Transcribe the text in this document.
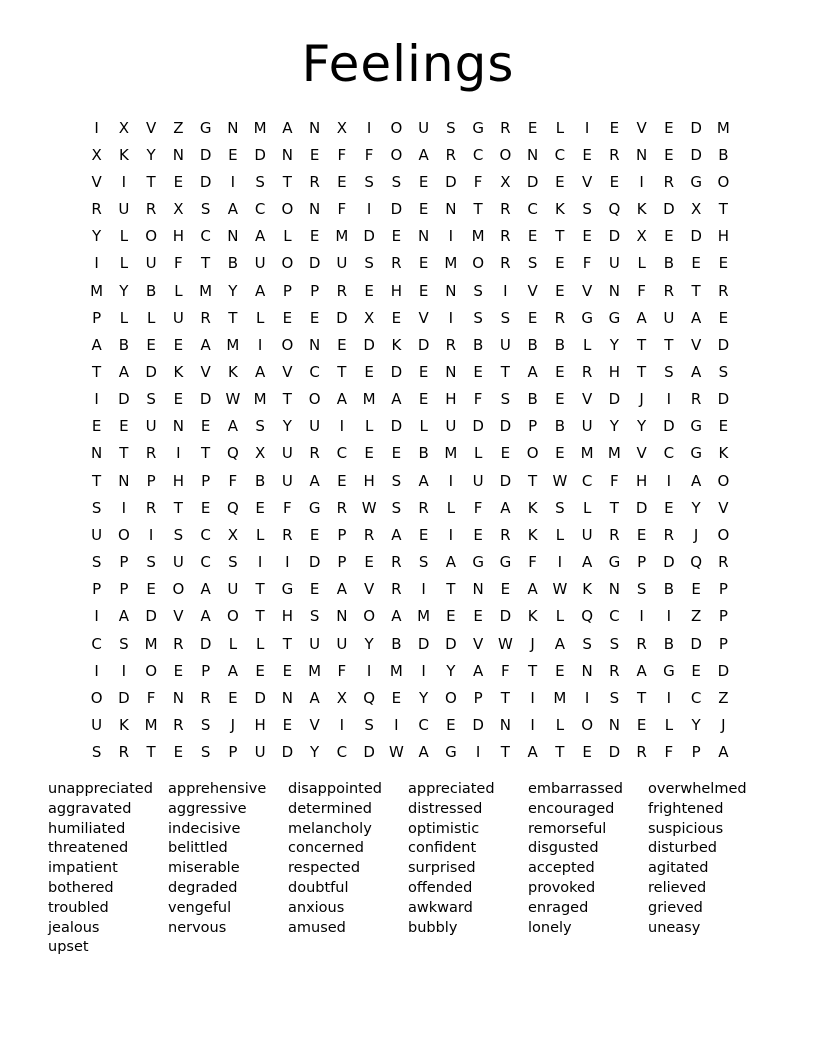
Feelings
I	X	V	Z	G	N	M	A	N	X	I	O	U	S	G	R	E	L	I	E	V	E	D M
X	K	Y	N	D	E	D	N	E	F	F	O	A	R	C	O	N	C	E	R	N	E	D	B
V	I	T	E	D	I	S	T	R	E	S	S	E	D	F	X	D	E	V	E	I	R	G	O
R	U	R	X	S	A	C	O	N	F	I	D	E	N	T	R	C	K	S	Q	K	D	X	T
Y	L	O	H	C	N	A	L	E	M	D	E	N	I	M	R	E	T	E	D	X	E	D	H
I	L	U	F	T	B	U	O	D	U	S	R	E	M O	R	S	E	F	U	L	B	E	E
M	Y	B	L	M	Y	A	P	P	R	E	H	E	N	S	I	V	E	V	N	F	R	T	R
P	L	L	U	R	T	L	E	E	D	X	E	V	I	S	S	E	R	G	G	A	U	A	E
A	B	E	E	A	M	I	O	N	E	D	K	D	R	B	U	B	B	L	Y	T	T	V	D
T	A	D	K	V	K	A	V	C	T	E	D	E	N	E	T	A	E	R	H	T	S	A	S
I	D	S	E	D W M	T	O	A	M	A	E	H	F	S	B	E	V	D	J	I	R	D
E	E	U	N	E	A	S	Y	U	I	L	D	L	U	D	D	P	B	U	Y	Y	D	G	E
N	T	R	I	T	Q	X	U	R	C	E	E	B	M	L	E	O	E	M M	V	C	G	K
T	N	P	H	P	F	B	U	A	E	H	S	A	I	U	D	T	W C	F	H	I	A	O
S	I	R	T	E	Q	E	F	G	R W	S	R	L	F	A	K	S	L	T	D	E	Y	V
U	O	I	S	C	X	L	R	E	P	R	A	E	I	E	R	K	L	U	R	E	R	J	O
S	P	S	U	C	S	I	I	D	P	E	R	S	A	G	G	F	I	A	G	P	D	Q	R
P	P	E	O	A	U	T	G	E	A	V	R	I	T	N	E	A W K	N	S	B	E	P
I	A	D	V	A	O	T	H	S	N	O	A	M	E	E	D	K	L	Q	C	I	I	Z	P
C	S	M	R	D	L	L	T	U	U	Y	B	D	D	V W	J	A	S	S	R	B	D	P
I	I	O	E	P	A	E	E	M	F	I	M	I	Y	A	F	T	E	N	R	A	G	E	D
O	D	F	N	R	E	D	N	A	X	Q	E	Y	O	P	T	I	M	I	S	T	I	C	Z
U	K	M	R	S	J	H	E	V	I	S	I	C	E	D	N	I	L	O	N	E	L	Y	J
S	R	T	E	S	P	U	D	Y	C	D W A	G	I	T	A	T	E	D	R	F	P	A
unappreciated	apprehensive	disappointed	appreciated	embarrassed	overwhelmed
aggravated	aggressive	determined	distressed	encouraged	frightened
humiliated	indecisive	melancholy	optimistic	remorseful	suspicious
threatened	belittled	concerned	confident	disgusted	disturbed
impatient	miserable	respected	surprised	accepted	agitated
bothered	degraded	doubtful	offended	provoked	relieved
troubled	vengeful	anxious	awkward	enraged	grieved
jealous	nervous	amused	bubbly	lonely	uneasy
upset
